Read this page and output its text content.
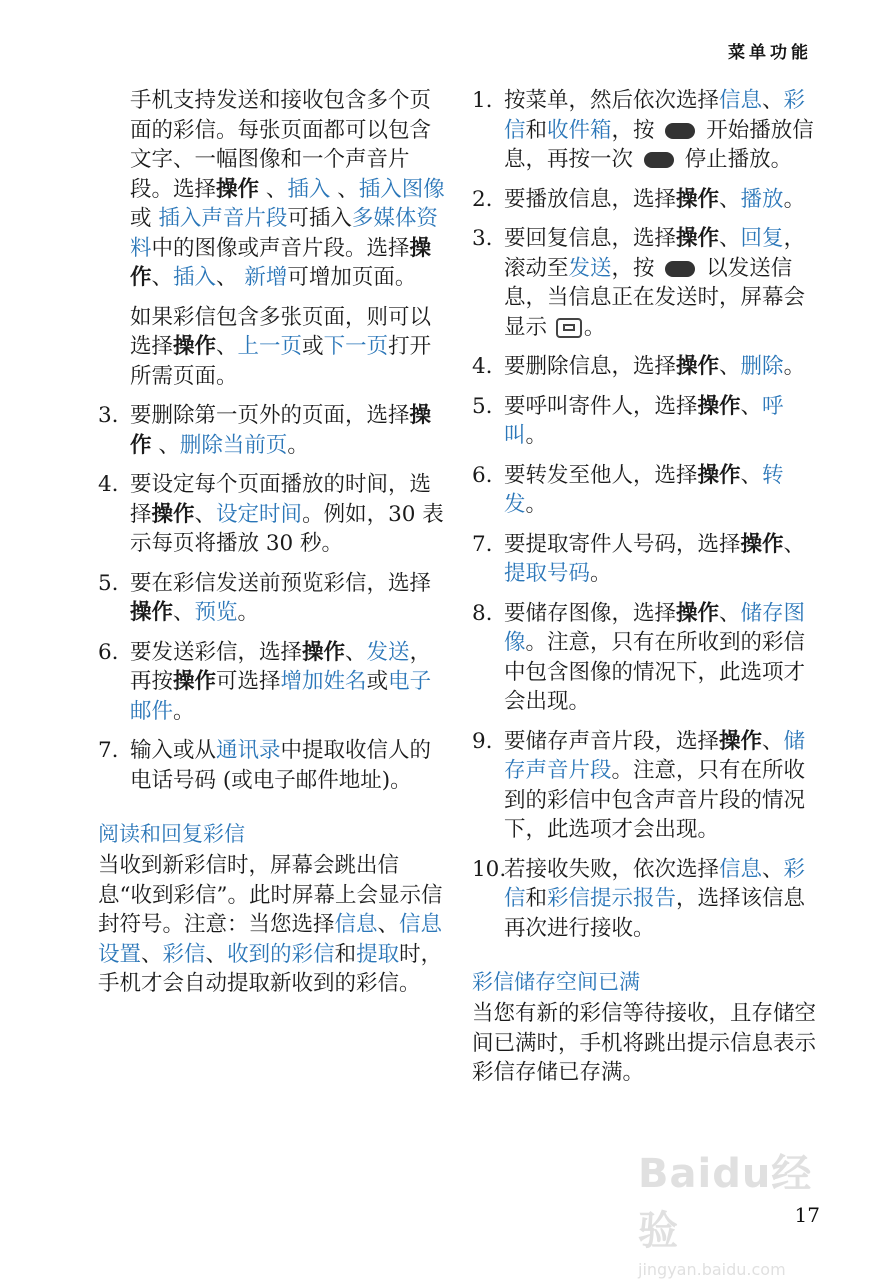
菜单功能

手机支持发送和接收包含多个页面的彩信。每张页面都可以包含文字、一幅图像和一个声音片段。选择操作 、插入 、插入图像 或 插入声音片段可插入多媒体资料中的图像或声音片段。选择操作、插入、 新增可增加页面。

如果彩信包含多张页面，则可以选择操作、上一页或下一页打开所需页面。

3. 要删除第一页外的页面，选择操作 、删除当前页。
4. 要设定每个页面播放的时间，选择操作、设定时间。例如，30 表示每页将播放 30 秒。
5. 要在彩信发送前预览彩信，选择操作、预览。
6. 要发送彩信，选择操作、发送，再按操作可选择增加姓名或电子邮件。
7. 输入或从通讯录中提取收信人的电话号码 (或电子邮件地址)。
阅读和回复彩信

当收到新彩信时，屏幕会跳出信息“收到彩信”。此时屏幕上会显示信封符号。注意：当您选择信息、信息设置、彩信、收到的彩信和提取时，手机才会自动提取新收到的彩信。

1. 按菜单，然后依次选择信息、彩信和收件箱，按  开始播放信息，再按一次  停止播放。
2. 要播放信息，选择操作、播放。
3. 要回复信息，选择操作、回复，滚动至发送，按  以发送信息，当信息正在发送时，屏幕会显示 。
4. 要删除信息，选择操作、删除。
5. 要呼叫寄件人，选择操作、呼叫。
6. 要转发至他人，选择操作、转发。
7. 要提取寄件人号码，选择操作、提取号码。
8. 要储存图像，选择操作、储存图像。注意，只有在所收到的彩信中包含图像的情况下，此选项才会出现。
9. 要储存声音片段，选择操作、储存声音片段。注意，只有在所收到的彩信中包含声音片段的情况下，此选项才会出现。
10.
若接收失败，依次选择信息、彩信和彩信提示报告，选择该信息再次进行接收。
彩信储存空间已满

当您有新的彩信等待接收，且存储空间已满时，手机将跳出提示信息表示彩信存储已存满。

Baidu经验
jingyan.baidu.com
17
